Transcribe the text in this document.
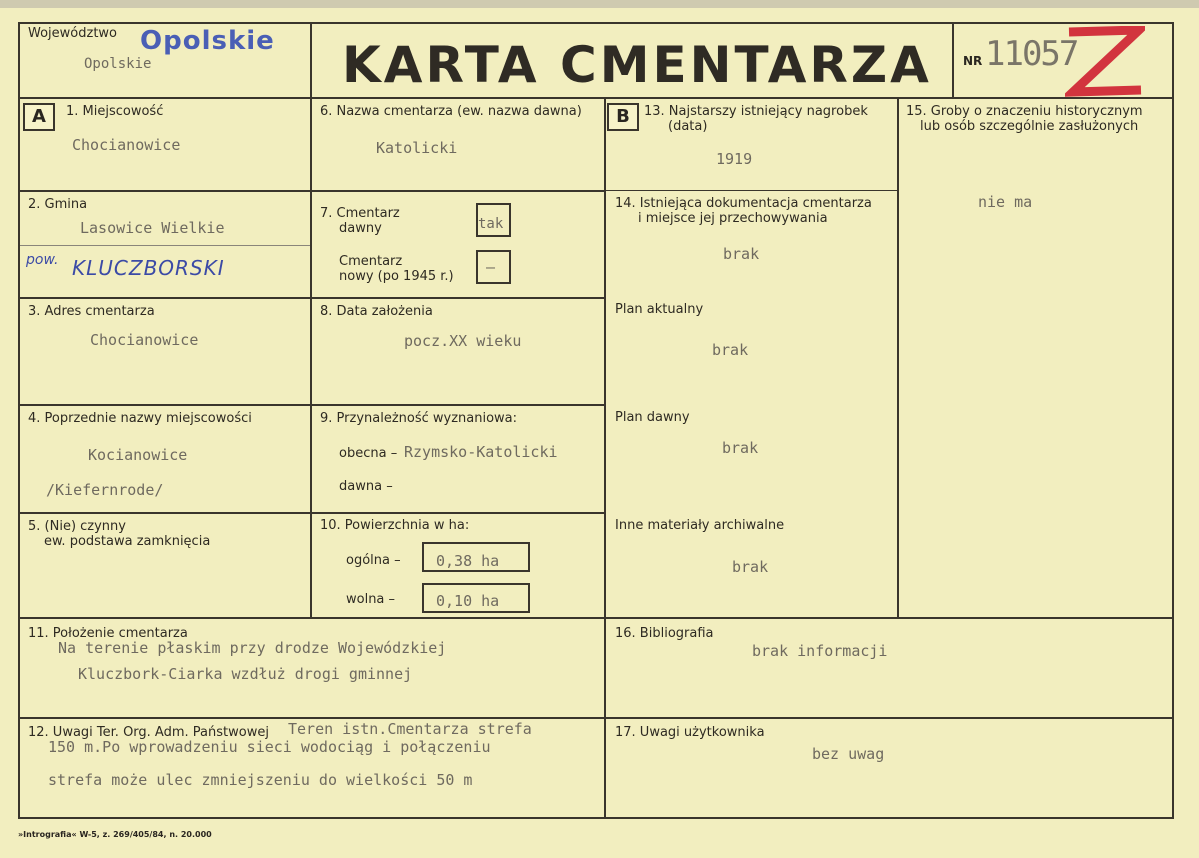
Województwo Opolskie
Opolskie	KARTA CMENTARZA	NR 11057
A	B
1. Miejscowość
Chocianowice
2. Gmina
Lasowice Wielkie
pow. KLUCZBORSKI
3. Adres cmentarza
Chocianowice
4. Poprzednie nazwy miejscowości
Kocianowice
/Kiefernrode/
5. (Nie) czynny
ew. podstawa zamknięcia
6. Nazwa cmentarza (ew. nazwa dawna)
Katolicki
7. Cmentarz
dawny	tak
Cmentarz
nowy (po 1945 r.)
–
8. Data założenia
pocz.XX wieku
9. Przynależność wyznaniowa:
obecna – Rzymsko-Katolicki
dawna –
10. Powierzchnia w ha:
ogólna – 0,38 ha
wolna –	0,10 ha
13. Najstarszy istniejący nagrobek
(data)
1919
14. Istniejąca dokumentacja cmentarza
i miejsce jej przechowywania
brak
Plan aktualny
brak
Plan dawny
brak
Inne materiały archiwalne
brak
15. Groby o znaczeniu historycznym
lub osób szczególnie zasłużonych
nie ma
11. Położenie cmentarza
Na terenie płaskim przy drodze Wojewódzkiej
Kluczbork-Ciarka wzdłuż drogi gminnej
16. Bibliografia
brak informacji
12. Uwagi Ter. Org. Adm. Państwowej Teren istn.Cmentarza strefa
150 m.Po wprowadzeniu sieci wodociąg i połączeniu
strefa może ulec zmniejszeniu do wielkości 50 m
17. Uwagi użytkownika
bez uwag
»Intrografia« W-5, z. 269/405/84, n. 20.000
